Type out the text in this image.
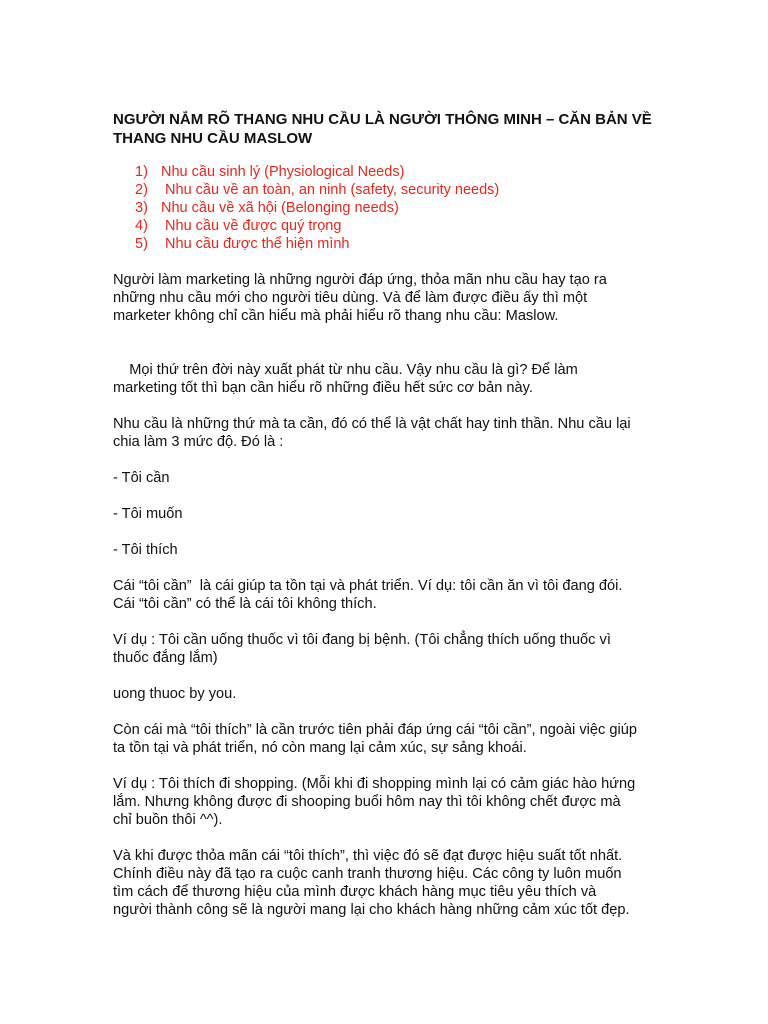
NGƯỜI NẮM RÕ THANG NHU CẦU LÀ NGƯỜI THÔNG MINH – CĂN BẢN VỀ
THANG NHU CẦU MASLOW
1) Nhu cầu sinh lý (Physiological Needs)
2) Nhu cầu về an toàn, an ninh (safety, security needs)
3) Nhu cầu về xã hội (Belonging needs)
4) Nhu cầu về được quý trọng
5) Nhu cầu được thể hiện mình

Người làm marketing là những người đáp ứng, thỏa mãn nhu cầu hay tạo ra
những nhu cầu mới cho người tiêu dùng. Và để làm được điều ấy thì một
marketer không chỉ cần hiểu mà phải hiểu rõ thang nhu cầu: Maslow.

Mọi thứ trên đời này xuất phát từ nhu cầu. Vậy nhu cầu là gì? Để làm
marketing tốt thì bạn cần hiểu rõ những điều hết sức cơ bản này.

Nhu cầu là những thứ mà ta cần, đó có thể là vật chất hay tinh thần. Nhu cầu lại
chia làm 3 mức độ. Đó là :

- Tôi cần

- Tôi muốn

- Tôi thích

Cái “tôi cần”  là cái giúp ta tồn tại và phát triển. Ví dụ: tôi cần ăn vì tôi đang đói.
Cái “tôi cần” có thể là cái tôi không thích.

Ví dụ : Tôi cần uống thuốc vì tôi đang bị bệnh. (Tôi chẳng thích uống thuốc vì
thuốc đắng lắm)

uong thuoc by you.

Còn cái mà “tôi thích” là cần trước tiên phải đáp ứng cái “tôi cần”, ngoài việc giúp
ta tồn tại và phát triển, nó còn mang lại cảm xúc, sự sảng khoái.

Ví dụ : Tôi thích đi shopping. (Mỗi khi đi shopping mình lại có cảm giác hào hứng
lắm. Nhưng không được đi shooping buổi hôm nay thì tôi không chết được mà
chỉ buồn thôi ^^).

Và khi được thỏa mãn cái “tôi thích”, thì việc đó sẽ đạt được hiệu suất tốt nhất.
Chính điều này đã tạo ra cuộc canh tranh thương hiệu. Các công ty luôn muốn
tìm cách để thương hiệu của mình được khách hàng mục tiêu yêu thích và
người thành công sẽ là người mang lại cho khách hàng những cảm xúc tốt đẹp.
